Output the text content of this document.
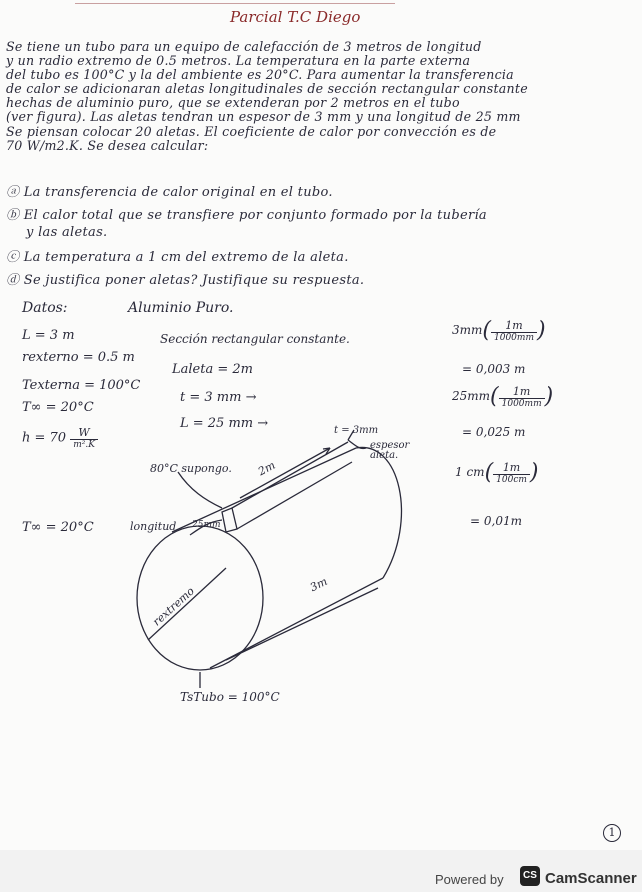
Parcial T.C Diego
Se tiene un tubo para un equipo de calefacción de 3 metros de longitud
y un radio extremo de 0.5 metros. La temperatura en la parte externa
del tubo es 100°C y la del ambiente es 20°C. Para aumentar la transferencia
de calor se adicionaran aletas longitudinales de sección rectangular constante
hechas de aluminio puro, que se extenderan por 2 metros en el tubo
(ver figura). Las aletas tendran un espesor de 3 mm y una longitud de 25 mm
Se piensan colocar 20 aletas. El coeficiente de calor por convección es de
70 W/m2.K. Se desea calcular:
ⓐ La transferencia de calor original en el tubo.
ⓑ El calor total que se transfiere por conjunto formado por la tubería
y las aletas.
ⓒ La temperatura a 1 cm del extremo de la aleta.
ⓓ Se justifica poner aletas? Justifique su respuesta.
Datos:	Aluminio Puro.
Sección rectangular constante.
L = 3 m
rexterno = 0.5 m
Texterna = 100°C
T∞ = 20°C
h = 70	W
m².K
Laleta = 2m
t = 3 mm →
L = 25 mm →
T∞ = 20°C
3mm(	1m
1000mm )
= 0,003 m
25mm(	1m
1000mm )
= 0,025 m
1 cm( 1m
100cm )
= 0,01m
80°C supongo. 2m
t = 3mm
espesor aleta.
longitud 25mm
3m
rextremo
TsTubo = 100°C
1
Powered by	CS CamScanner
